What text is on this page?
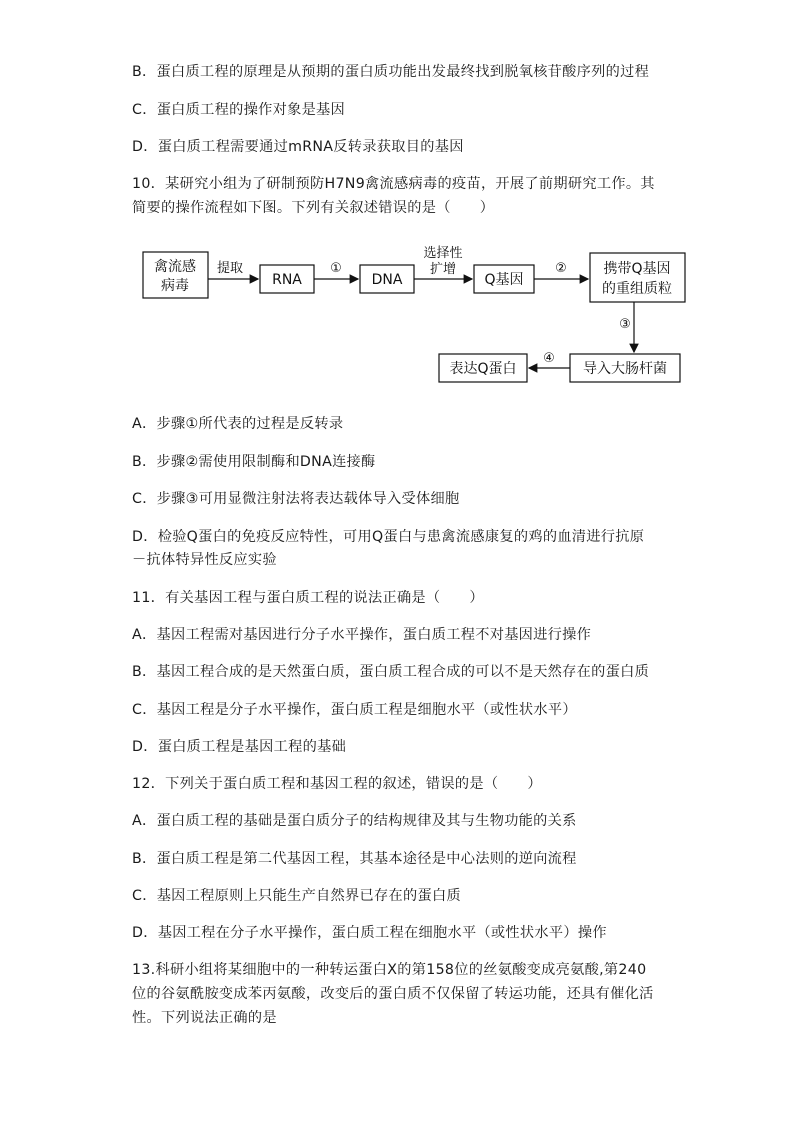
B．蛋白质工程的原理是从预期的蛋白质功能出发最终找到脱氧核苷酸序列的过程
C．蛋白质工程的操作对象是基因
D．蛋白质工程需要通过mRNA反转录获取目的基因
10．某研究小组为了研制预防H7N9禽流感病毒的疫苗，开展了前期研究工作。其
简要的操作流程如下图。下列有关叙述错误的是（　　）
禽流感
病毒
提取
RNA
①
DNA
选择性
扩增
Q基因
②	携带Q基因
的重组质粒
③
导入大肠杆菌
④
表达Q蛋白
A．步骤①所代表的过程是反转录
B．步骤②需使用限制酶和DNA连接酶
C．步骤③可用显微注射法将表达载体导入受体细胞
D．检验Q蛋白的免疫反应特性，可用Q蛋白与患禽流感康复的鸡的血清进行抗原
－抗体特异性反应实验
11．有关基因工程与蛋白质工程的说法正确是（　　）
A．基因工程需对基因进行分子水平操作，蛋白质工程不对基因进行操作
B．基因工程合成的是天然蛋白质，蛋白质工程合成的可以不是天然存在的蛋白质
C．基因工程是分子水平操作，蛋白质工程是细胞水平（或性状水平）
D．蛋白质工程是基因工程的基础
12．下列关于蛋白质工程和基因工程的叙述，错误的是（　　）
A．蛋白质工程的基础是蛋白质分子的结构规律及其与生物功能的关系
B．蛋白质工程是第二代基因工程，其基本途径是中心法则的逆向流程
C．基因工程原则上只能生产自然界已存在的蛋白质
D．基因工程在分子水平操作，蛋白质工程在细胞水平（或性状水平）操作
13.科研小组将某细胞中的一种转运蛋白X的第158位的丝氨酸变成亮氨酸,第240
位的谷氨酰胺变成苯丙氨酸，改变后的蛋白质不仅保留了转运功能，还具有催化活
性。下列说法正确的是
